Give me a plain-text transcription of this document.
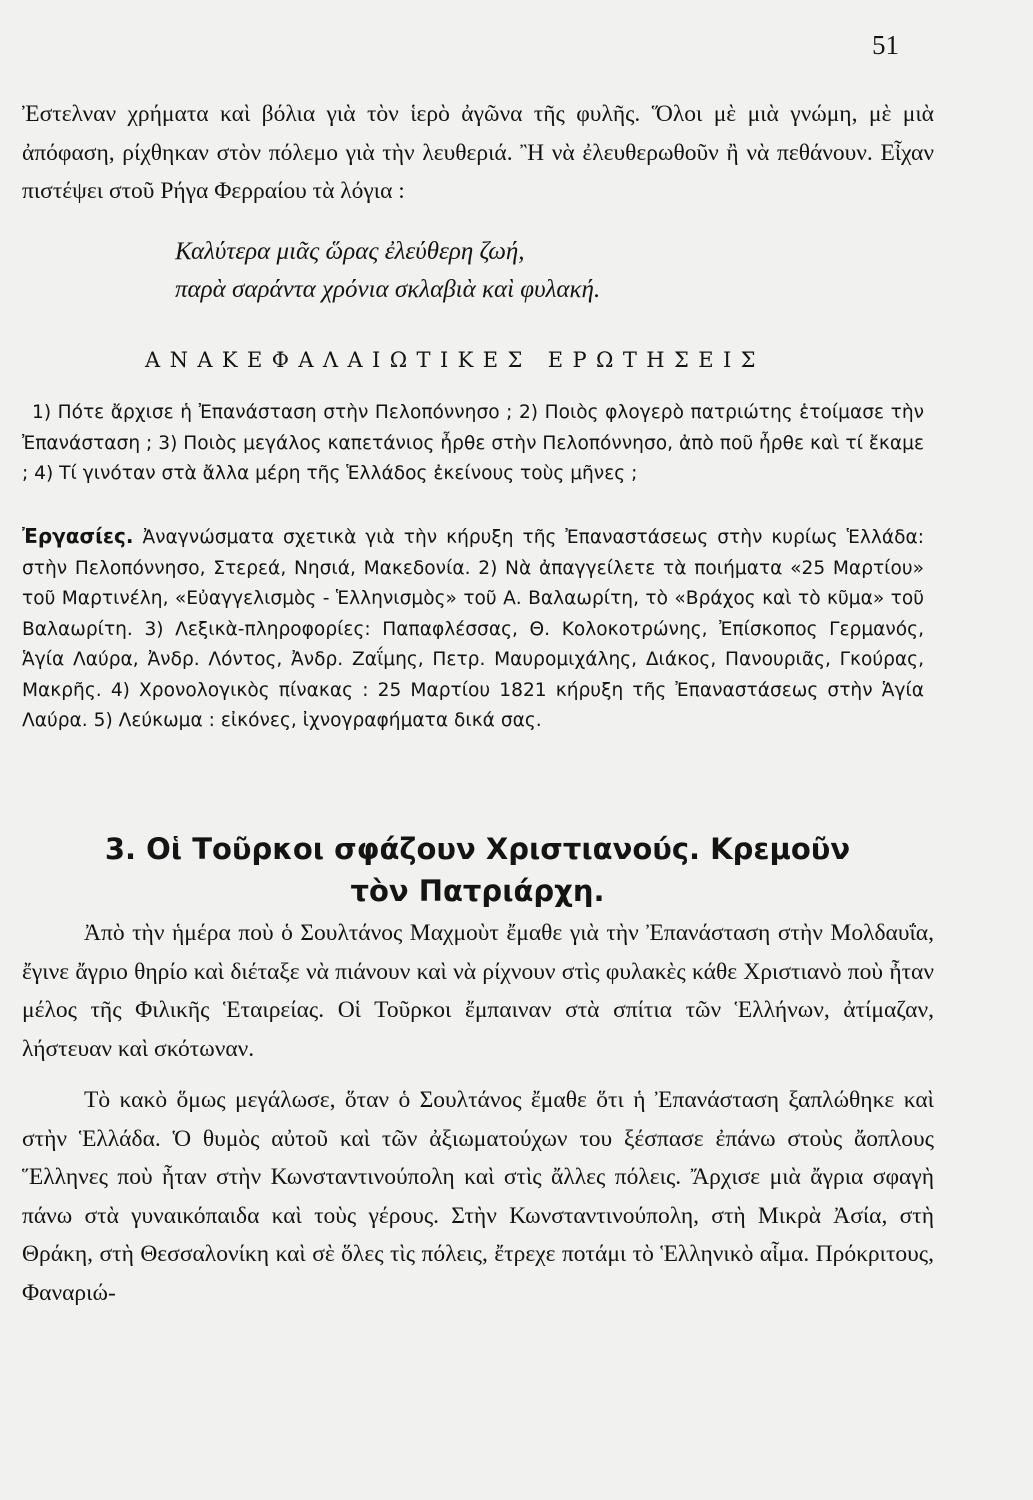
51
Ἐστελναν χρήματα καὶ βόλια γιὰ τὸν ἱερὸ ἀγῶνα τῆς φυλῆς. Ὅλοι μὲ μιὰ γνώμη, μὲ μιὰ ἀπόφαση, ρίχθηκαν στὸν πόλεμο γιὰ τὴν λευθεριά. Ἢ νὰ ἐλευθερωθοῦν ἢ νὰ πεθάνουν. Εἶχαν πιστέψει στοῦ Ρήγα Φερραίου τὰ λόγια :
Καλύτερα μιᾶς ὥρας ἐλεύθερη ζωή,
παρὰ σαράντα χρόνια σκλαβιὰ καὶ φυλακή.
ΑΝΑΚΕΦΑΛΑΙΩΤΙΚΕΣ ΕΡΩΤΗΣΕΙΣ
1) Πότε ἄρχισε ἡ Ἐπανάσταση στὴν Πελοπόννησο ; 2) Ποιὸς φλογερὸ πατριώτης ἑτοίμασε τὴν Ἐπανάσταση ; 3) Ποιὸς μεγάλος καπετάνιος ἦρθε στὴν Πελοπόννησο, ἀπὸ ποῦ ἦρθε καὶ τί ἔκαμε ; 4) Τί γινόταν στὰ ἄλλα μέρη τῆς Ἑλλάδος ἐκείνους τοὺς μῆνες ;
Ἐργασίες. Ἀναγνώσματα σχετικὰ γιὰ τὴν κήρυξη τῆς Ἐπαναστάσεως στὴν κυρίως Ἑλλάδα: στὴν Πελοπόννησο, Στερεά, Νησιά, Μακεδονία. 2) Νὰ ἀπαγγείλετε τὰ ποιήματα «25 Μαρτίου» τοῦ Μαρτινέλη, «Εὐαγγελισμὸς - Ἑλληνισμὸς» τοῦ Α. Βαλαωρίτη, τὸ «Βράχος καὶ τὸ κῦμα» τοῦ Βαλαωρίτη. 3) Λεξικὰ-πληροφορίες: Παπαφλέσσας, Θ. Κολοκοτρώνης, Ἐπίσκοπος Γερμανός, Ἁγία Λαύρα, Ἀνδρ. Λόντος, Ἀνδρ. Ζαΐμης, Πετρ. Μαυρομιχάλης, Διάκος, Πανουριᾶς, Γκούρας, Μακρῆς. 4) Χρονολογικὸς πίνακας : 25 Μαρτίου 1821 κήρυξη τῆς Ἐπαναστάσεως στὴν Ἁγία Λαύρα. 5) Λεύκωμα : εἰκόνες, ἰχνογραφήματα δικά σας.
3. Οἱ Τοῦρκοι σφάζουν Χριστιανούς. Κρεμοῦν
τὸν Πατριάρχη.
Ἀπὸ τὴν ἡμέρα ποὺ ὁ Σουλτάνος Μαχμοὺτ ἔμαθε γιὰ τὴν Ἐπανάσταση στὴν Μολδαυΐα, ἔγινε ἄγριο θηρίο καὶ διέταξε νὰ πιάνουν καὶ νὰ ρίχνουν στὶς φυλακὲς κάθε Χριστιανὸ ποὺ ἦταν μέλος τῆς Φιλικῆς Ἑταιρείας. Οἱ Τοῦρκοι ἔμπαιναν στὰ σπίτια τῶν Ἑλλήνων, ἀτίμαζαν, λήστευαν καὶ σκότωναν.
Τὸ κακὸ ὅμως μεγάλωσε, ὅταν ὁ Σουλτάνος ἔμαθε ὅτι ἡ Ἐπανάσταση ξαπλώθηκε καὶ στὴν Ἑλλάδα. Ὁ θυμὸς αὐτοῦ καὶ τῶν ἀξιωματούχων του ξέσπασε ἐπάνω στοὺς ἄοπλους Ἕλληνες ποὺ ἦταν στὴν Κωνσταντινούπολη καὶ στὶς ἄλλες πόλεις. Ἄρχισε μιὰ ἄγρια σφαγὴ πάνω στὰ γυναικόπαιδα καὶ τοὺς γέρους. Στὴν Κωνσταντινούπολη, στὴ Μικρὰ Ἀσία, στὴ Θράκη, στὴ Θεσσαλονίκη καὶ σὲ ὅλες τὶς πόλεις, ἔτρεχε ποτάμι τὸ Ἑλληνικὸ αἷμα. Πρόκριτους, Φαναριώ-
